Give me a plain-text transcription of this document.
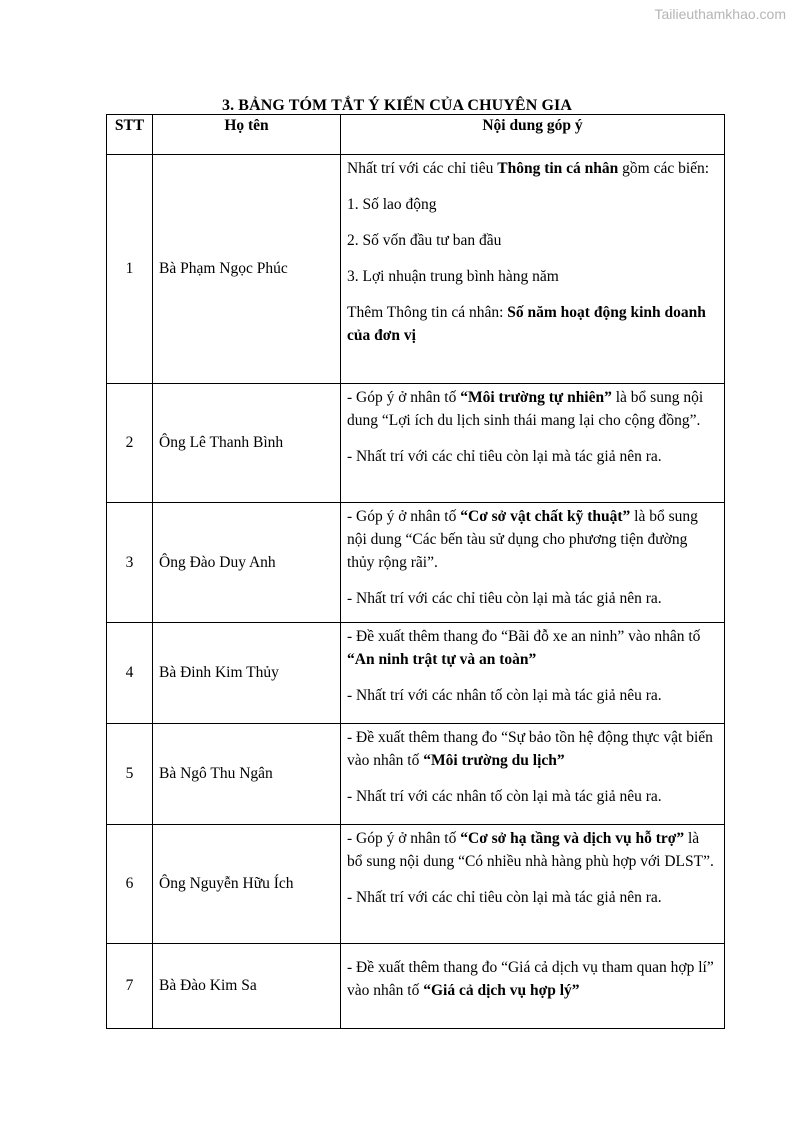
Tailieuthamkhao.com
3. BẢNG TÓM TẮT Ý KIẾN CỦA CHUYÊN GIA
STT	Họ tên	Nội dung góp ý
1	Bà Phạm Ngọc Phúc	Nhất trí với các chỉ tiêu Thông tin cá nhân gồm các biến:

1. Số lao động

2. Số vốn đầu tư ban đầu

3. Lợi nhuận trung bình hàng năm

Thêm Thông tin cá nhân: Số năm hoạt động kinh doanh của đơn vị

2	Ông Lê Thanh Bình	- Góp ý ở nhân tố “Môi trường tự nhiên” là bổ sung nội dung “Lợi ích du lịch sinh thái mang lại cho cộng đồng”.

- Nhất trí với các chỉ tiêu còn lại mà tác giả nên ra.

3	Ông Đào Duy Anh	- Góp ý ở nhân tố “Cơ sở vật chất kỹ thuật” là bổ sung nội dung “Các bến tàu sử dụng cho phương tiện đường thủy rộng rãi”.

- Nhất trí với các chỉ tiêu còn lại mà tác giả nên ra.

4	Bà Đinh Kim Thủy	- Đề xuất thêm thang đo “Bãi đỗ xe an ninh” vào nhân tố “An ninh trật tự và an toàn”

- Nhất trí với các nhân tố còn lại mà tác giả nêu ra.

5	Bà Ngô Thu Ngân	- Đề xuất thêm thang đo “Sự bảo tồn hệ động thực vật biển vào nhân tố “Môi trường du lịch”

- Nhất trí với các nhân tố còn lại mà tác giả nêu ra.

6	Ông Nguyễn Hữu Ích	- Góp ý ở nhân tố “Cơ sở hạ tầng và dịch vụ hỗ trợ” là bổ sung nội dung “Có nhiều nhà hàng phù hợp với DLST”.

- Nhất trí với các chỉ tiêu còn lại mà tác giả nên ra.

7	Bà Đào Kim Sa	- Đề xuất thêm thang đo “Giá cả dịch vụ tham quan hợp lí” vào nhân tố “Giá cả dịch vụ hợp lý”
